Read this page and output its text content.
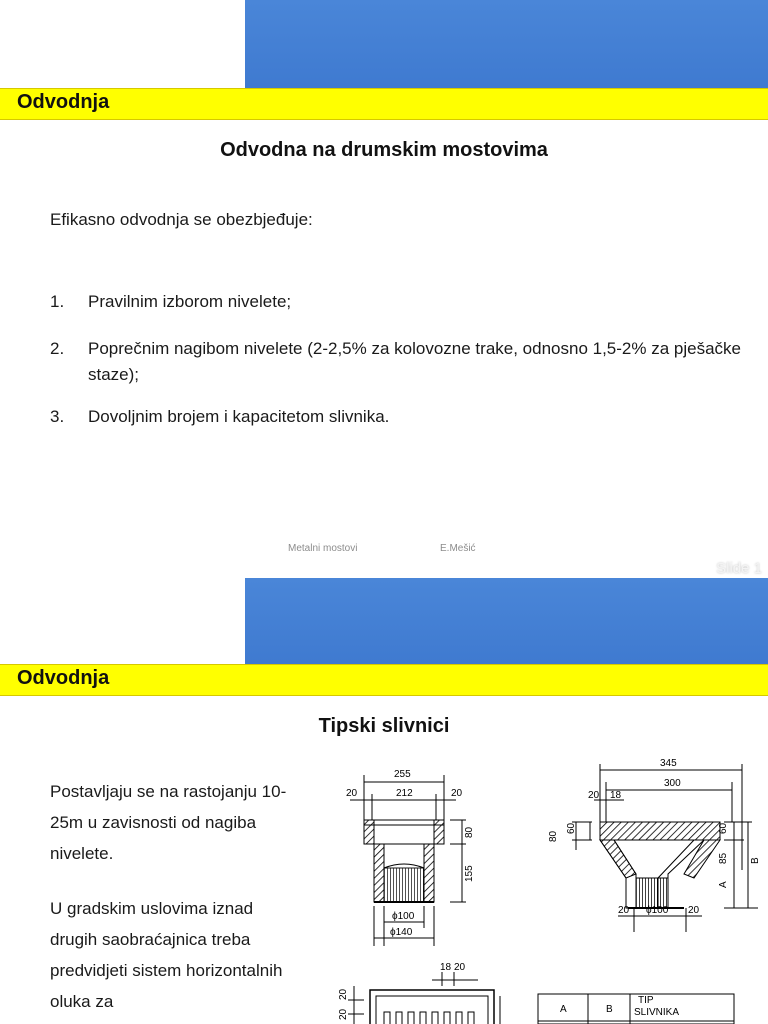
Odvodnja
Odvodna na drumskim mostovima
Efikasno odvodnja se obezbjeđuje:
1. Pravilnim izborom nivelete;
2. Poprečnim nagibom nivelete (2-2,5% za kolovozne trake, odnosno 1,5-2% za pješačke staze);
3. Dovoljnim brojem i kapacitetom slivnika.
Metalni mostovi	E.Mešić
Slide 1
Odvodnja
Tipski slivnici

Postavljaju se na rastojanju 10-25m u zavisnosti od nagiba nivelete.

U gradskim uslovima iznad drugih saobraćajnica treba predvidjeti sistem horizontalnih oluka za

255
212
20	20
80
155
ϕ100
ϕ140
345
300
20 18
80
60	60
85
A
B
20 ϕ100 20
18 20
20
20	A	B
TIP
SLIVNIKA
